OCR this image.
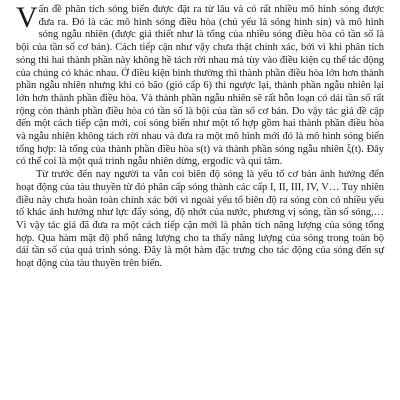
Vấn đề phân tích sóng biển được đặt ra từ lâu và có rất nhiều mô hình sóng được đưa ra. Đó là các mô hình sóng điều hòa (chủ yếu là sóng hình sin) và mô hình sóng ngẫu nhiên (được giả thiết như là tổng của nhiều sóng điều hòa có tần số là bội của tần số cơ bản). Cách tiếp cận như vậy chưa thật chính xác, bởi vì khi phân tích sóng thì hai thành phần này không hề tách rời nhau mà tùy vào điều kiện cụ thể tác động của chúng có khác nhau. Ở điều kiện bình thường thì thành phần điều hòa lớn hơn thành phần ngẫu nhiên nhưng khi có bão (gió cấp 6) thì ngược lại, thành phần ngẫu nhiên lại lớn hơn thành phần điều hòa. Và thành phần ngẫu nhiên sẽ rất hỗn loạn có dải tần số rất rộng còn thành phần điều hòa có tần số là bội của tần số cơ bản. Do vậy tác giả đề cập đến một cách tiếp cận mới, coi sóng biển như một tổ hợp gồm hai thành phần điều hòa và ngẫu nhiên không tách rời nhau và đưa ra một mô hình mới đó là mô hình sóng biển tổng hợp: là tổng của thành phần điều hòa s(t) và thành phần sóng ngẫu nhiên ξ(t). Đây có thể coi là một quá trình ngẫu nhiên dừng, ergodic và qui tâm.

Từ trước đến nay người ta vẫn coi biên độ sóng là yếu tố cơ bản ảnh hưởng đến hoạt động của tàu thuyền từ đó phân cấp sóng thành các cấp I, II, III, IV, V… Tuy nhiên điều này chưa hoàn toàn chính xác bởi vì ngoài yếu tố biên độ ra sóng còn có nhiều yếu tố khác ảnh hưởng như lực đẩy sóng, độ nhớt của nước, phương vị sóng, tần số sóng,… Vì vậy tác giả đã đưa ra một cách tiếp cận mới là phân tích năng lượng của sóng tổng hợp. Qua hàm mật độ phổ năng lượng cho ta thấy năng lượng của sóng trong toàn bộ dải tần số của quá trình sóng. Đây là một hàm đặc trưng cho tác động của sóng đến sự hoạt động của tàu thuyền trên biển.
